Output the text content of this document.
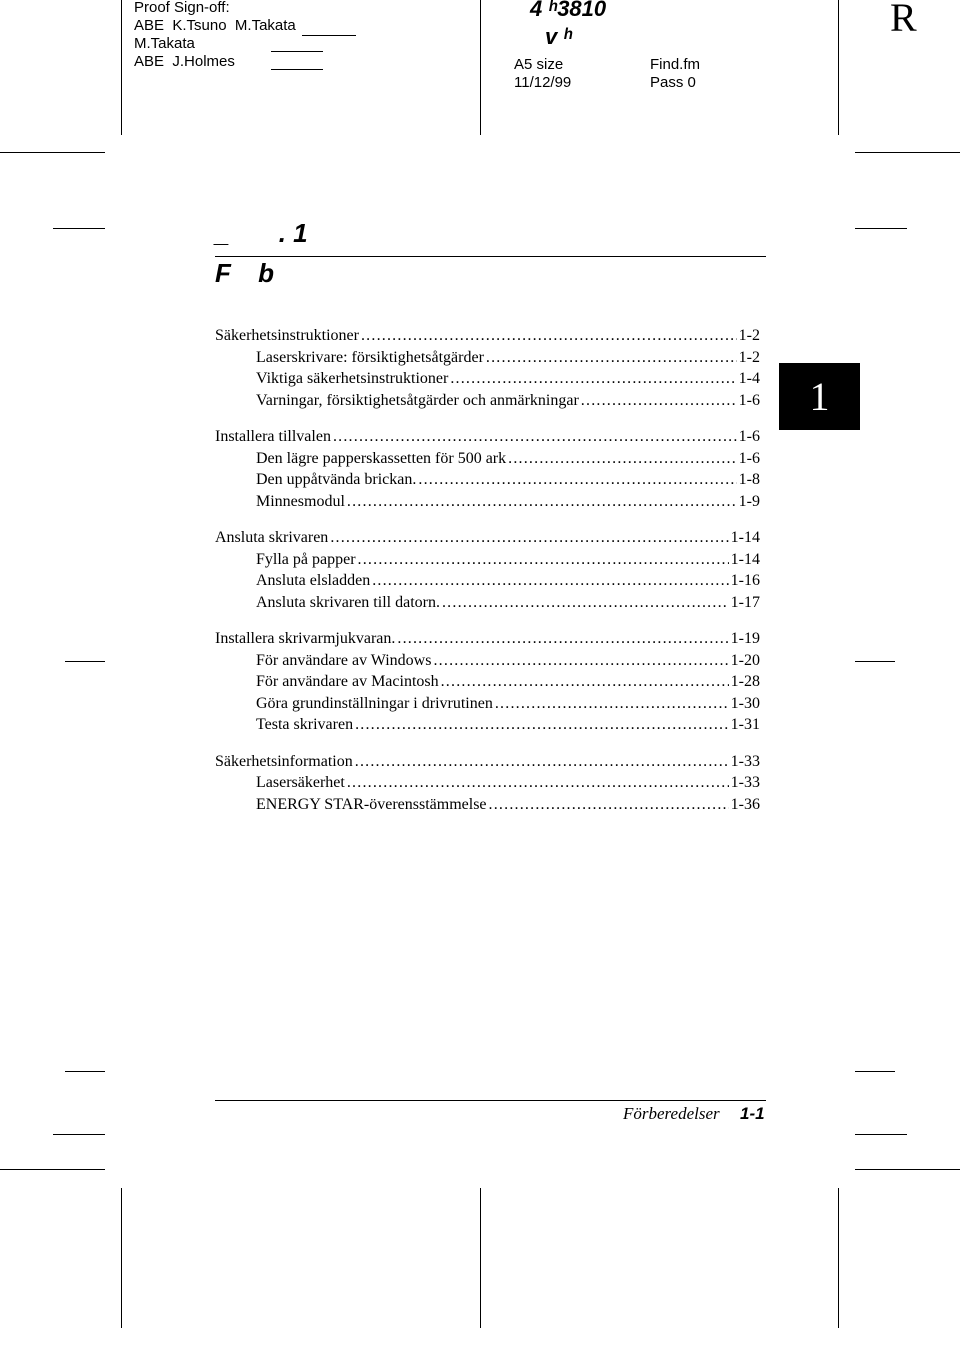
Proof Sign-off:
ABE K.Tsuno M.Takata
M.Takata
ABE J.Holmes
4 ʰ3810
v ʰ
A5 size
11/12/99
Find.fm
Pass 0
R
_ . 1
F b
1
Säkerhetsinstruktioner .....	1-2
Laserskrivare: försiktighetsåtgärder .....	1-2
Viktiga säkerhetsinstruktioner .....	1-4
Varningar, försiktighetsåtgärder och anmärkningar .....	1-6
Installera tillvalen .....	1-6
Den lägre papperskassetten för 500 ark .....	1-6
Den uppåtvända brickan. .....	1-8
Minnesmodul .....	1-9
Ansluta skrivaren .....	1-14
Fylla på papper .....	1-14
Ansluta elsladden .....	1-16
Ansluta skrivaren till datorn. .....	1-17
Installera skrivarmjukvaran. .....	1-19
För användare av Windows .....	1-20
För användare av Macintosh .....	1-28
Göra grundinställningar i drivrutinen .....	1-30
Testa skrivaren .....	1-31
Säkerhetsinformation .....	1-33
Lasersäkerhet .....	1-33
ENERGY STAR-överensstämmelse .....	1-36
Förberedelser 1-1
